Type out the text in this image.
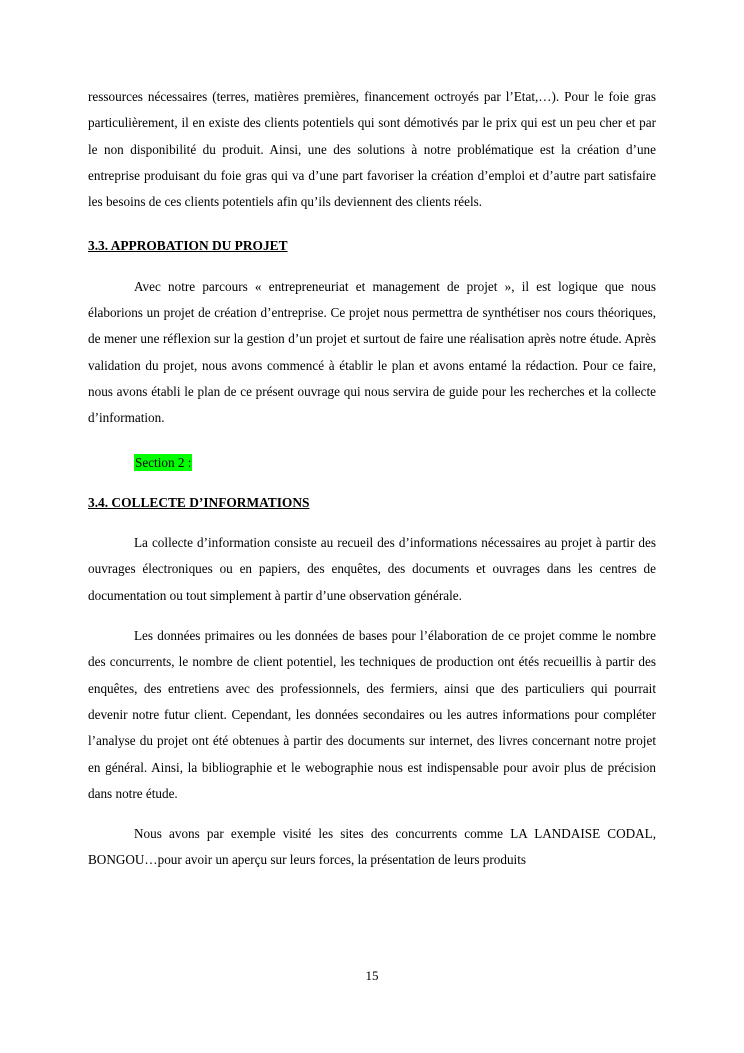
ressources nécessaires (terres, matières premières, financement octroyés par l’Etat,…). Pour le foie gras particulièrement, il en existe des clients potentiels qui sont démotivés par le prix qui est un peu cher et par le non disponibilité du produit. Ainsi, une des solutions à notre problématique est la création d’une entreprise produisant du foie gras qui va d’une part favoriser la création d’emploi et d’autre part satisfaire les besoins de ces clients potentiels afin qu’ils deviennent des clients réels.

3.3. APPROBATION DU PROJET

Avec notre parcours « entrepreneuriat et management de projet », il est logique que nous élaborions un projet de création d’entreprise. Ce projet nous permettra de synthétiser nos cours théoriques, de mener une réflexion sur la gestion d’un projet et surtout de faire une réalisation après notre étude. Après validation du projet, nous avons commencé à établir le plan et avons entamé la rédaction. Pour ce faire, nous avons établi le plan de ce présent ouvrage qui nous servira de guide pour les recherches et la collecte d’information.

Section 2 :

3.4. COLLECTE D’INFORMATIONS

La collecte d’information consiste au recueil des d’informations nécessaires au projet à partir des ouvrages électroniques ou en papiers, des enquêtes, des documents et ouvrages dans les centres de documentation ou tout simplement à partir d’une observation générale.

Les données primaires ou les données de bases pour l’élaboration de ce projet comme le nombre des concurrents, le nombre de client potentiel, les techniques de production ont étés recueillis à partir des enquêtes, des entretiens avec des professionnels, des fermiers, ainsi que des particuliers qui pourrait devenir notre futur client. Cependant, les données secondaires ou les autres informations pour compléter l’analyse du projet ont été obtenues à partir des documents sur internet, des livres concernant notre projet en général. Ainsi, la bibliographie et le webographie nous est indispensable pour avoir plus de précision dans notre étude.

Nous avons par exemple visité les sites des concurrents comme LA LANDAISE CODAL, BONGOU…pour avoir un aperçu sur leurs forces, la présentation de leurs produits

15
